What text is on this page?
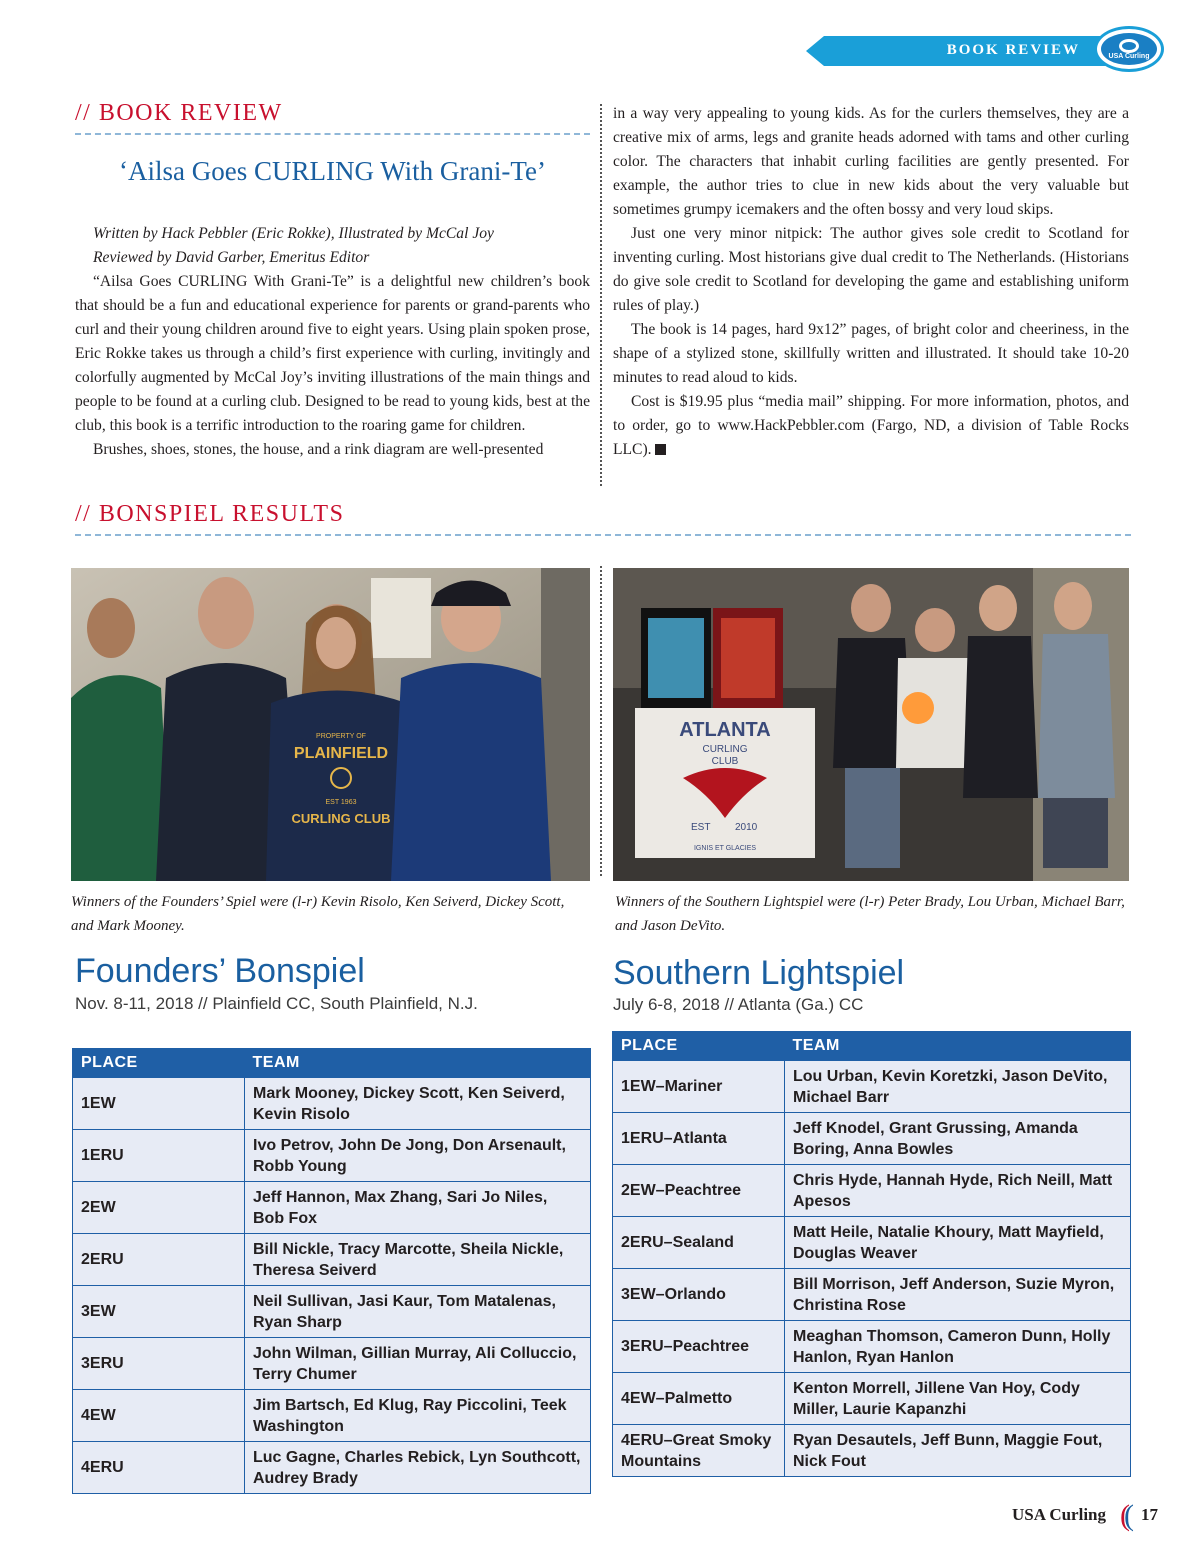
BOOK REVIEW	USA Curling
// BOOK REVIEW
‘Ailsa Goes CURLING With Grani-Te’

Written by Hack Pebbler (Eric Rokke), Illustrated by McCal Joy

Reviewed by David Garber, Emeritus Editor

“Ailsa Goes CURLING With Grani-Te” is a delightful new children’s book that should be a fun and educational experience for parents or grand-parents who curl and their young children around five to eight years. Using plain spoken prose, Eric Rokke takes us through a child’s first experience with curling, invitingly and colorfully augmented by McCal Joy’s inviting illustrations of the main things and people to be found at a curling club. Designed to be read to young kids, best at the club, this book is a terrific introduction to the roaring game for children.

Brushes, shoes, stones, the house, and a rink diagram are well-presented

in a way very appealing to young kids. As for the curlers themselves, they are a creative mix of arms, legs and granite heads adorned with tams and other curling color. The characters that inhabit curling facilities are gently presented. For example, the author tries to clue in new kids about the very valuable but sometimes grumpy icemakers and the often bossy and very loud skips.

Just one very minor nitpick: The author gives sole credit to Scotland for inventing curling. Most historians give dual credit to The Netherlands. (Historians do give sole credit to Scotland for developing the game and establishing uniform rules of play.)

The book is 14 pages, hard 9x12” pages, of bright color and cheeriness, in the shape of a stylized stone, skillfully written and illustrated. It should take 10-20 minutes to read aloud to kids.

Cost is $19.95 plus “media mail” shipping. For more information, photos, and to order, go to www.HackPebbler.com (Fargo, ND, a division of Table Rocks LLC).

// BONSPIEL RESULTS
PROPERTY OF
PLAINFIELD
EST 1963
CURLING CLUB
Winners of the Founders’ Spiel were (l-r) Kevin Risolo, Ken Seiverd, Dickey Scott, and Mark Mooney.
ATLANTA
CURLING
CLUB
EST 2010
IGNIS ET GLACIES
Winners of the Southern Lightspiel were (l-r) Peter Brady, Lou Urban, Michael Barr, and Jason DeVito.
Founders’ Bonspiel
Nov. 8-11, 2018 // Plainfield CC, South Plainfield, N.J.
PLACE	TEAM
1EW	Mark Mooney, Dickey Scott, Ken Seiverd, Kevin Risolo
1ERU	Ivo Petrov, John De Jong, Don Arsenault, Robb Young
2EW	Jeff Hannon, Max Zhang, Sari Jo Niles, Bob Fox
2ERU	Bill Nickle, Tracy Marcotte, Sheila Nickle, Theresa Seiverd
3EW	Neil Sullivan, Jasi Kaur, Tom Matalenas, Ryan Sharp
3ERU	John Wilman, Gillian Murray, Ali Colluccio, Terry Chumer
4EW	Jim Bartsch, Ed Klug, Ray Piccolini, Teek Washington
4ERU	Luc Gagne, Charles Rebick, Lyn Southcott, Audrey Brady
Southern Lightspiel
July 6-8, 2018 // Atlanta (Ga.) CC
PLACE	TEAM
1EW–Mariner	Lou Urban, Kevin Koretzki, Jason DeVito, Michael Barr
1ERU–Atlanta	Jeff Knodel, Grant Grussing, Amanda Boring, Anna Bowles
2EW–Peachtree	Chris Hyde, Hannah Hyde, Rich Neill, Matt Apesos
2ERU–Sealand	Matt Heile, Natalie Khoury, Matt Mayfield, Douglas Weaver
3EW–Orlando	Bill Morrison, Jeff Anderson, Suzie Myron, Christina Rose
3ERU–Peachtree	Meaghan Thomson, Cameron Dunn, Holly Hanlon, Ryan Hanlon
4EW–Palmetto	Kenton Morrell, Jillene Van Hoy, Cody Miller, Laurie Kapanzhi
4ERU–Great Smoky Mountains	Ryan Desautels, Jeff Bunn, Maggie Fout, Nick Fout
USA Curling (( 17
